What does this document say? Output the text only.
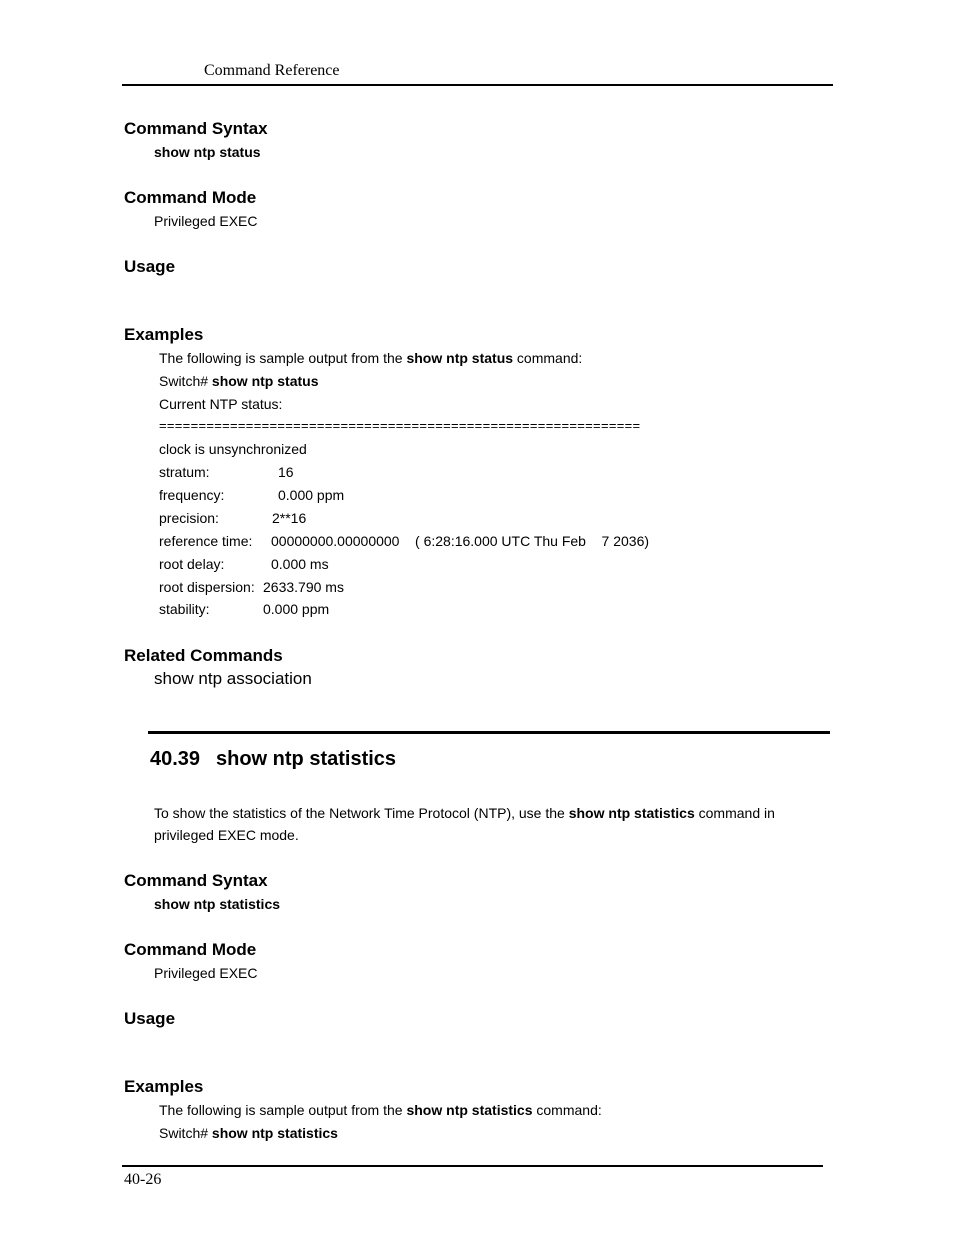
Command Reference
Command Syntax
show ntp status
Command Mode
Privileged EXEC
Usage
Examples
The following is sample output from the show ntp status command:
Switch# show ntp status
Current NTP status:
=============================================================
clock is unsynchronized
stratum:	16
frequency:	0.000 ppm
precision:	2**16
reference time: 00000000.00000000    ( 6:28:16.000 UTC Thu Feb    7 2036)
root delay:	0.000 ms
root dispersion: 2633.790 ms
stability:	0.000 ppm
Related Commands
show ntp association
40.39 show ntp statistics
To show the statistics of the Network Time Protocol (NTP), use the show ntp statistics command in
privileged EXEC mode.
Command Syntax
show ntp statistics
Command Mode
Privileged EXEC
Usage
Examples
The following is sample output from the show ntp statistics command:
Switch# show ntp statistics
40-26
